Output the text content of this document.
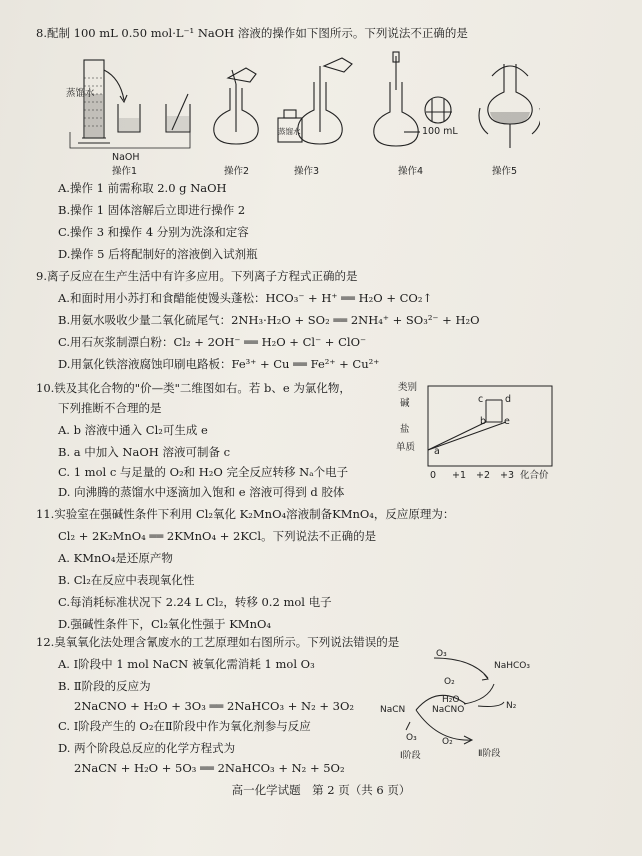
8.配制 100 mL 0.50 mol·L⁻¹ NaOH 溶液的操作如下图所示。下列说法不正确的是
蒸馏水
NaOH
蒸馏水	100 mL
操作1	操作2	操作3	操作4	操作5
A.操作 1 前需称取 2.0 g NaOH
B.操作 1 固体溶解后立即进行操作 2
C.操作 3 和操作 4 分别为洗涤和定容
D.操作 5 后将配制好的溶液倒入试剂瓶
9.离子反应在生产生活中有许多应用。下列离子方程式正确的是
A.和面时用小苏打和食醋能使馒头蓬松：HCO₃⁻ + H⁺ ══ H₂O + CO₂↑
B.用氨水吸收少量二氧化硫尾气：2NH₃·H₂O + SO₂ ══ 2NH₄⁺ + SO₃²⁻ + H₂O
C.用石灰浆制漂白粉：Cl₂ + 2OH⁻ ══ H₂O + Cl⁻ + ClO⁻
D.用氯化铁溶液腐蚀印刷电路板：Fe³⁺ + Cu ══ Fe²⁺ + Cu²⁺
10.铁及其化合物的"价—类"二维图如右。若 b、e 为氯化物，
下列推断不合理的是
A. b 溶液中通入 Cl₂可生成 e
B. a 中加入 NaOH 溶液可制备 c
C. 1 mol c 与足量的 O₂和 H₂O 完全反应转移 Nₐ个电子
D. 向沸腾的蒸馏水中逐滴加入饱和 e 溶液可得到 d 胶体
类别
碱
盐
单质
0 +1 +2 +3 化合价
a
b
c d
e
11.实验室在强碱性条件下利用 Cl₂氧化 K₂MnO₄溶液制备KMnO₄，反应原理为：
Cl₂ + 2K₂MnO₄ ══ 2KMnO₄ + 2KCl。下列说法不正确的是
A. KMnO₄是还原产物
B. Cl₂在反应中表现氧化性
C.每消耗标准状况下 2.24 L Cl₂，转移 0.2 mol 电子
D.强碱性条件下，Cl₂氧化性强于 KMnO₄
12.臭氧氧化法处理含氰废水的工艺原理如右图所示。下列说法错误的是
A. Ⅰ阶段中 1 mol NaCN 被氧化需消耗 1 mol O₃
B. Ⅱ阶段的反应为
2NaCNO + H₂O + 3O₃ ══ 2NaHCO₃ + N₂ + 3O₂
C. Ⅰ阶段产生的 O₂在Ⅱ阶段中作为氧化剂参与反应
D. 两个阶段总反应的化学方程式为
2NaCN + H₂O + 5O₃ ══ 2NaHCO₃ + N₂ + 5O₂
O₃
O₂
NaHCO₃
H₂O
NaCN	NaCNO	N₂
O₃	O₂
Ⅰ阶段	Ⅱ阶段
高一化学试题　第 2 页（共 6 页）
